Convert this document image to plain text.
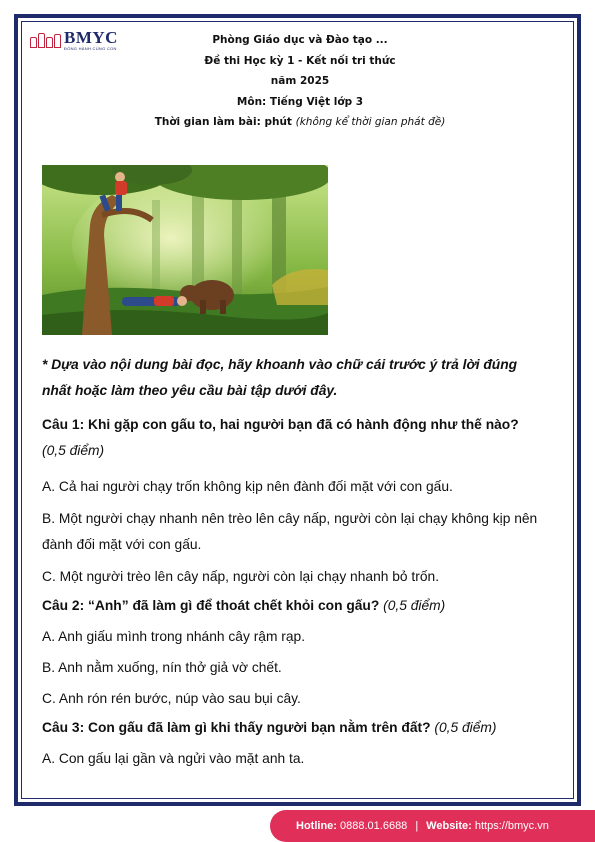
BMYC
ĐỒNG HÀNH CÙNG CON
Phòng Giáo dục và Đào tạo ...
Đề thi Học kỳ 1 - Kết nối tri thức
năm 2025
Môn: Tiếng Việt lớp 3
Thời gian làm bài: phút (không kể thời gian phát đề)
* Dựa vào nội dung bài đọc, hãy khoanh vào chữ cái trước ý trả lời đúng nhất hoặc làm theo yêu cầu bài tập dưới đây.
Câu 1: Khi gặp con gấu to, hai người bạn đã có hành động như thế nào? (0,5 điểm)
A. Cả hai người chạy trốn không kịp nên đành đối mặt với con gấu.
B. Một người chạy nhanh nên trèo lên cây nấp, người còn lại chạy không kịp nên đành đối mặt với con gấu.
C. Một người trèo lên cây nấp, người còn lại chạy nhanh bỏ trốn.
Câu 2: “Anh” đã làm gì để thoát chết khỏi con gấu? (0,5 điểm)
A. Anh giấu mình trong nhánh cây rậm rạp.
B. Anh nằm xuống, nín thở giả vờ chết.
C. Anh rón rén bước, núp vào sau bụi cây.
Câu 3: Con gấu đã làm gì khi thấy người bạn nằm trên đất? (0,5 điểm)
A. Con gấu lại gần và ngửi vào mặt anh ta.
Hotline:
0888.01.6688 | Website:
https://bmyc.vn
